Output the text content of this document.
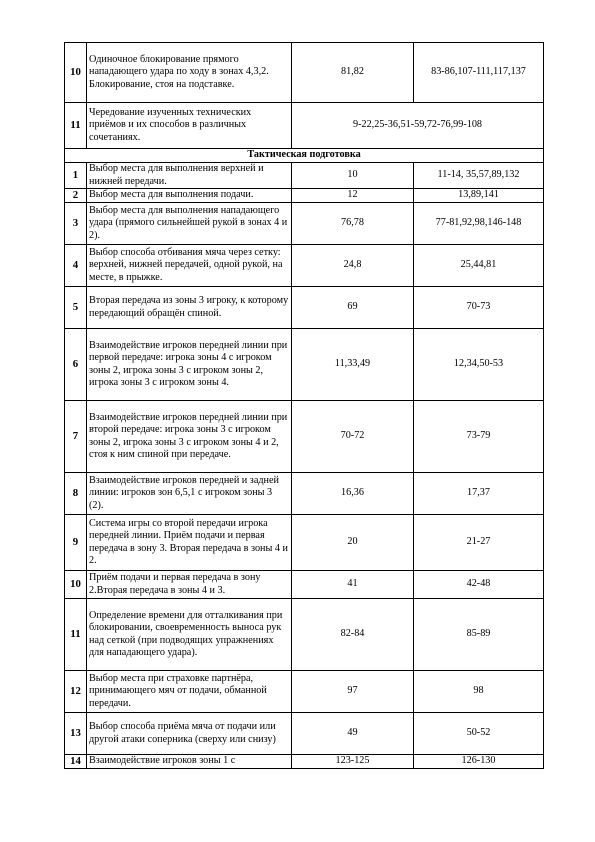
10	Одиночное блокирование прямого нападающего удара по ходу в зонах 4,3,2. Блокирование, стоя на подставке.	81,82	83-86,107-111,117,137
11	Чередование изученных технических приёмов и их способов в различных сочетаниях.	9-22,25-36,51-59,72-76,99-108	
Тактическая подготовка			
1	Выбор места для выполнения верхней и нижней передачи.	10	11-14, 35,57,89,132
2	Выбор места для выполнения подачи.	12	13,89,141
3	Выбор места для выполнения нападающего удара (прямого сильнейшей рукой в зонах 4 и 2).	76,78	77-81,92,98,146-148
4	Выбор способа отбивания мяча через сетку: верхней, нижней передачей, одной рукой, на месте, в прыжке.	24,8	25,44,81
5	Вторая передача из зоны 3 игроку, к которому передающий обращён спиной.	69	70-73
6	Взаимодействие игроков передней линии при первой передаче: игрока зоны 4 с игроком зоны 2, игрока зоны 3 с игроком зоны 2, игрока зоны 3 с игроком зоны 4.	11,33,49	12,34,50-53
7	Взаимодействие игроков передней линии при второй передаче: игрока зоны 3 с игроком зоны 2, игрока зоны 3 с игроком зоны 4 и 2, стоя к ним спиной при передаче.	70-72	73-79
8	Взаимодействие игроков передней и задней линии: игроков зон 6,5,1 с игроком зоны 3 (2).	16,36	17,37
9	Система игры со второй передачи игрока передней линии. Приём подачи и первая передача в зону 3. Вторая передача в зоны 4 и 2.	20	21-27
10	Приём подачи и первая передача в зону 2.Вторая передача в зоны 4 и 3.	41	42-48
11	Определение времени для отталкивания при блокировании, своевременность выноса рук над сеткой (при подводящих упражнениях для нападающего удара).	82-84	85-89
12	Выбор места при страховке партнёра, принимающего мяч от подачи, обманной передачи.	97	98
13	Выбор способа приёма мяча от подачи или другой атаки соперника (сверху или снизу)	49	50-52
14	Взаимодействие игроков зоны 1 с	123-125	126-130
